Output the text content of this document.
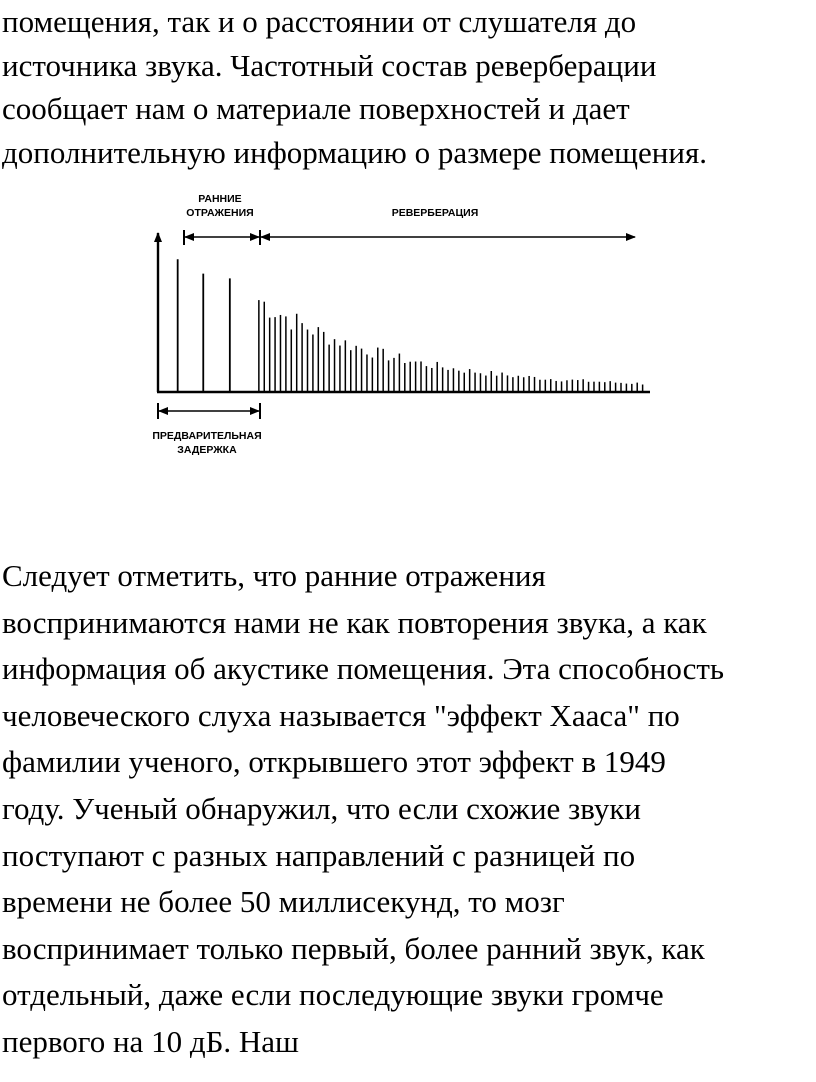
помещения, так и о расстоянии от слушателя до
источника звука. Частотный состав реверберации
сообщает нам о материале поверхностей и дает
дополнительную информацию о размере помещения.
РАННИЕ
ОТРАЖЕНИЯ	РЕВЕРБЕРАЦИЯ
ПРЕДВАРИТЕЛЬНАЯ
ЗАДЕРЖКА
Следует отметить, что ранние отражения
воспринимаются нами не как повторения звука, а как
информация об акустике помещения. Эта способность
человеческого слуха называется "эффект Хааса" по
фамилии ученого, открывшего этот эффект в 1949
году. Ученый обнаружил, что если схожие звуки
поступают с разных направлений с разницей по
времени не более 50 миллисекунд, то мозг
воспринимает только первый, более ранний звук, как
отдельный, даже если последующие звуки громче
первого на 10 дБ. Наш
